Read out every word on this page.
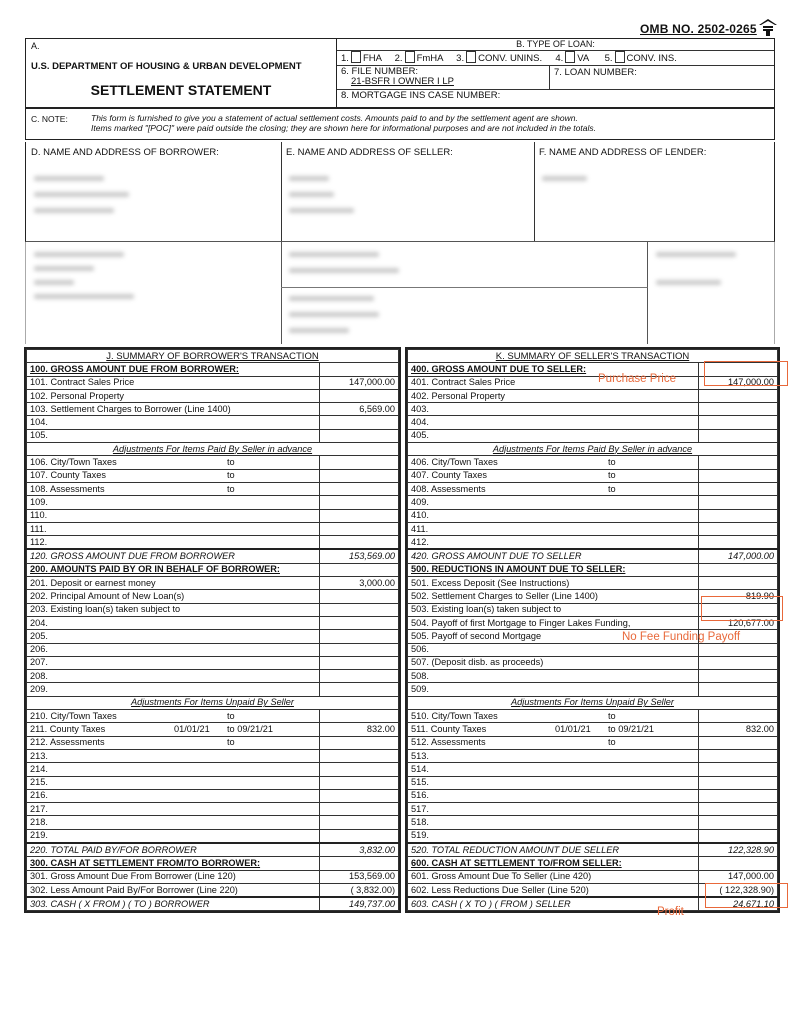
OMB NO. 2502-0265
A.
U.S. DEPARTMENT OF HOUSING & URBAN DEVELOPMENT
SETTLEMENT STATEMENT
B. TYPE OF LOAN:
1. FHA 2. FmHA 3. CONV. UNINS. 4. VA 5. CONV. INS.
6. FILE NUMBER:
21-BSFR I OWNER I LP
7. LOAN NUMBER:
8. MORTGAGE INS CASE NUMBER:
C. NOTE:	This form is furnished to give you a statement of actual settlement costs. Amounts paid to and by the settlement agent are shown.
Items marked "[POC]" were paid outside the closing; they are shown here for informational purposes and are not included in the totals.
D. NAME AND ADDRESS OF BORROWER:	E. NAME AND ADDRESS OF SELLER:	F. NAME AND ADDRESS OF LENDER:
J. SUMMARY OF BORROWER'S TRANSACTION	
100. GROSS AMOUNT DUE FROM BORROWER:	
101. Contract Sales Price	147,000.00
102. Personal Property	
103. Settlement Charges to Borrower (Line 1400)	6,569.00
104.	
105.	
Adjustments For Items Paid By Seller in advance	
106. City/Town Taxes to	

107. County Taxes to	

108. Assessments to	

109.	
110.	
111.	
112.	
120. GROSS AMOUNT DUE FROM BORROWER	153,569.00
200. AMOUNTS PAID BY OR IN BEHALF OF BORROWER:	
201. Deposit or earnest money	3,000.00
202. Principal Amount of New Loan(s)	
203. Existing loan(s) taken subject to	
204.	
205.	
206.	
207.	
208.	
209.	
Adjustments For Items Unpaid By Seller	
210. City/Town Taxes to	

211. County Taxes 01/01/21 to 09/21/21	832.00
212. Assessments to	

213.	
214.	
215.	
216.	
217.	
218.	
219.	
220. TOTAL PAID BY/FOR BORROWER	3,832.00
300. CASH AT SETTLEMENT FROM/TO BORROWER:	
301. Gross Amount Due From Borrower (Line 120)	153,569.00
302. Less Amount Paid By/For Borrower (Line 220)	( 3,832.00)
303. CASH ( X FROM ) ( TO ) BORROWER	149,737.00
K. SUMMARY OF SELLER'S TRANSACTION	
400. GROSS AMOUNT DUE TO SELLER:	
401. Contract Sales Price	147,000.00
402. Personal Property	
403.	
404.	
405.	
Adjustments For Items Paid By Seller in advance	
406. City/Town Taxes to	

407. County Taxes to	

408. Assessments to	

409.	
410.	
411.	
412.	
420. GROSS AMOUNT DUE TO SELLER	147,000.00
500. REDUCTIONS IN AMOUNT DUE TO SELLER:	
501. Excess Deposit (See Instructions)	
502. Settlement Charges to Seller (Line 1400)	819.90
503. Existing loan(s) taken subject to	
504. Payoff of first Mortgage to Finger Lakes Funding,	120,677.00
505. Payoff of second Mortgage	
506.	
507. (Deposit disb. as proceeds)	
508.	
509.	
Adjustments For Items Unpaid By Seller	
510. City/Town Taxes to	

511. County Taxes 01/01/21 to 09/21/21	832.00
512. Assessments to	

513.	
514.	
515.	
516.	
517.	
518.	
519.	
520. TOTAL REDUCTION AMOUNT DUE SELLER	122,328.90
600. CASH AT SETTLEMENT TO/FROM SELLER:	
601. Gross Amount Due To Seller (Line 420)	147,000.00
602. Less Reductions Due Seller (Line 520)	( 122,328.90)
603. CASH ( X TO ) ( FROM ) SELLER	24,671.10
Purchase Price
No Fee Funding Payoff
Profit
